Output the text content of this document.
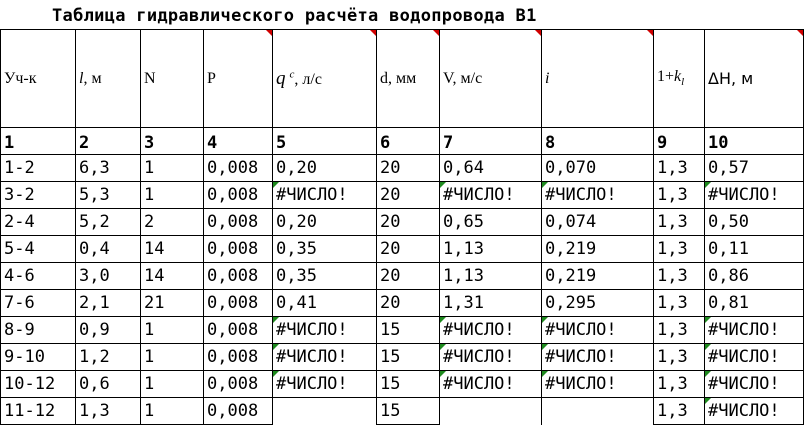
Таблица гидравлического расчёта водопровода В1
Уч-к	l, м	N	P	q $^c$, л/с	d, мм	V, м/с	i	$1+k_l$	ΔH, м

1	2	3	4	5	6	7	8	9	10
1-2	6,3	1	0,008	0,20	20	0,64	0,070	1,3	0,57
3-2	5,3	1	0,008	#ЧИСЛО!	20	#ЧИСЛО!	#ЧИСЛО!	1,3	#ЧИСЛО!
2-4	5,2	2	0,008	0,20	20	0,65	0,074	1,3	0,50
5-4	0,4	14	0,008	0,35	20	1,13	0,219	1,3	0,11
4-6	3,0	14	0,008	0,35	20	1,13	0,219	1,3	0,86
7-6	2,1	21	0,008	0,41	20	1,31	0,295	1,3	0,81
8-9	0,9	1	0,008	#ЧИСЛО!	15	#ЧИСЛО!	#ЧИСЛО!	1,3	#ЧИСЛО!
9-10	1,2	1	0,008	#ЧИСЛО!	15	#ЧИСЛО!	#ЧИСЛО!	1,3	#ЧИСЛО!
10-12	0,6	1	0,008	#ЧИСЛО!	15	#ЧИСЛО!	#ЧИСЛО!	1,3	#ЧИСЛО!
11-12	1,3	1	0,008		15			1,3	#ЧИСЛО!
